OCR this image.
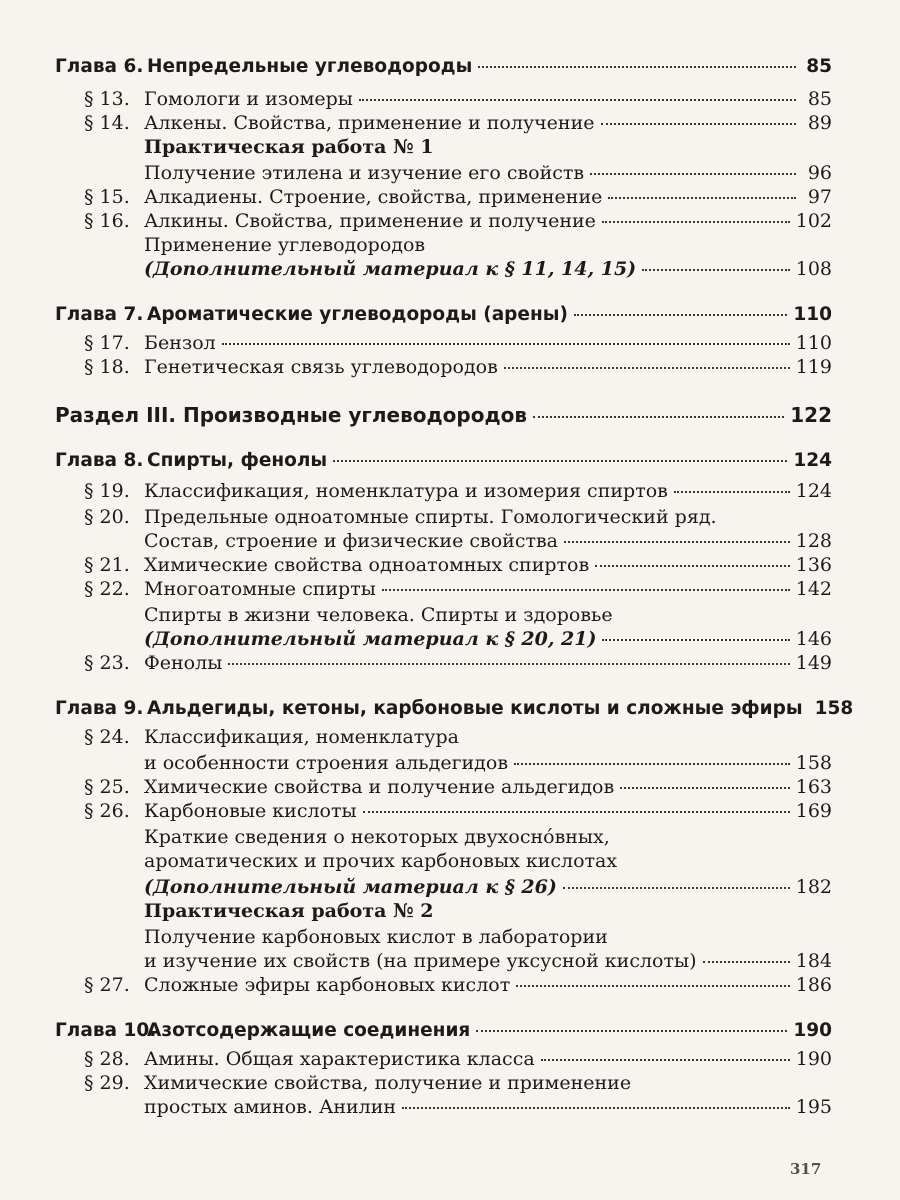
Глава 6. Непредельные углеводороды	85
§ 13. Гомологи и изомеры	85
§ 14. Алкены. Свойства, применение и получение	89
Практическая работа № 1
Получение этилена и изучение его свойств	96
§ 15. Алкадиены. Строение, свойства, применение	97
§ 16. Алкины. Свойства, применение и получение	102
Применение углеводородов
(Дополнительный материал к § 11, 14, 15)	108
Глава 7. Ароматические углеводороды (арены)	110
§ 17. Бензол	110
§ 18. Генетическая связь углеводородов	119
Раздел III. Производные углеводородов	122
Глава 8. Спирты, фенолы	124
§ 19. Классификация, номенклатура и изомерия спиртов	124
§ 20. Предельные одноатомные спирты. Гомологический ряд.
Состав, строение и физические свойства	128
§ 21. Химические свойства одноатомных спиртов	136
§ 22. Многоатомные спирты	142
Спирты в жизни человека. Спирты и здоровье
(Дополнительный материал к § 20, 21)	146
§ 23. Фенолы	149
Глава 9. Альдегиды, кетоны, карбоновые кислоты и сложные эфиры 158
§ 24. Классификация, номенклатура
и особенности строения альдегидов	158
§ 25. Химические свойства и получение альдегидов	163
§ 26. Карбоновые кислоты	169
Краткие сведения о некоторых двухоснóвных,
ароматических и прочих карбоновых кислотах
(Дополнительный материал к § 26)	182
Практическая работа № 2
Получение карбоновых кислот в лаборатории
и изучение их свойств (на примере уксусной кислоты)	184
§ 27. Сложные эфиры карбоновых кислот	186
Глава 10.
Азотсодержащие соединения	190
§ 28. Амины. Общая характеристика класса	190
§ 29. Химические свойства, получение и применение
простых аминов. Анилин	195
317
